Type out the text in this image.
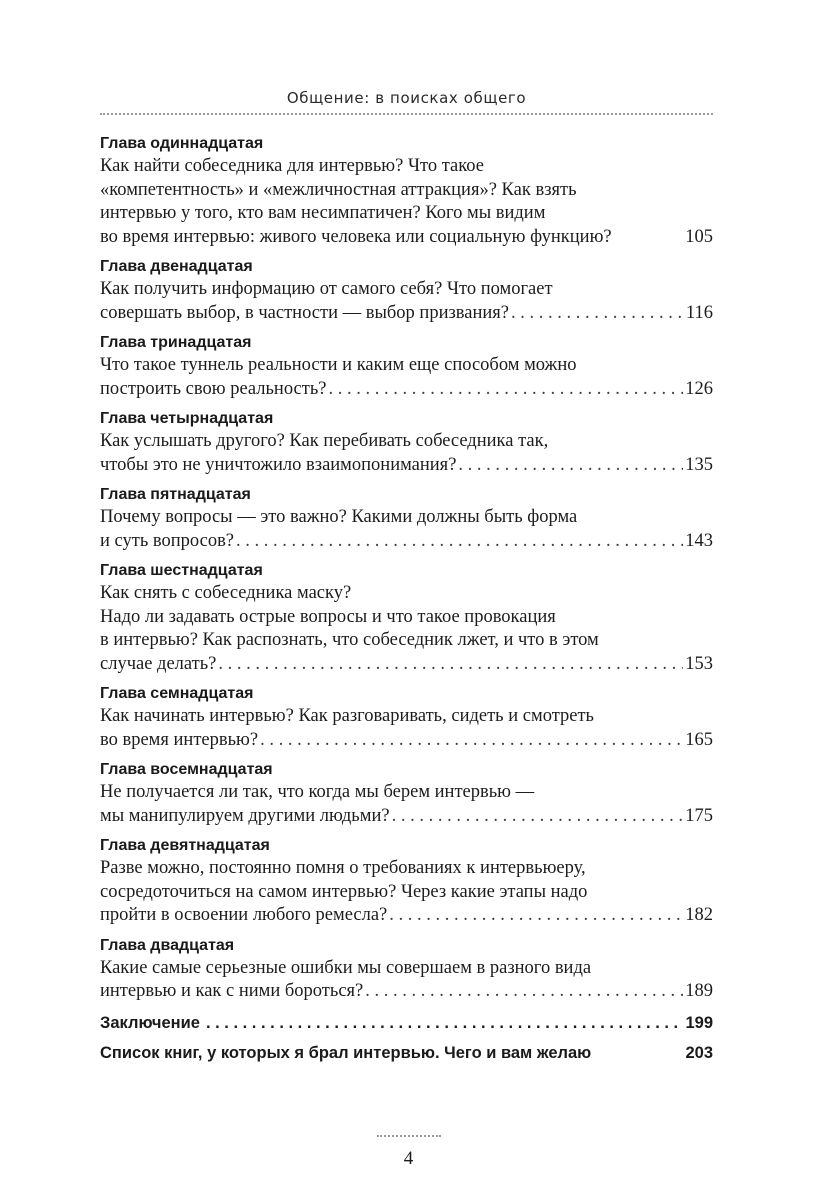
Общение: в поисках общего
Глава одиннадцатая
Как найти собеседника для интервью? Что такое
«компетентность» и «межличностная аттракция»? Как взять
интервью у того, кто вам несимпатичен? Кого мы видим
во время интервью: живого человека или социальную функцию?	105
Глава двенадцатая
Как получить информацию от самого себя? Что помогает
совершать выбор, в частности — выбор призвания? . . .	116
Глава тринадцатая
Что такое туннель реальности и каким еще способом можно
построить свою реальность? . . .	126
Глава четырнадцатая
Как услышать другого? Как перебивать собеседника так,
чтобы это не уничтожило взаимопонимания? . . .	135
Глава пятнадцатая
Почему вопросы — это важно? Какими должны быть форма
и суть вопросов? . . .	143
Глава шестнадцатая
Как снять с собеседника маску?
Надо ли задавать острые вопросы и что такое провокация
в интервью? Как распознать, что собеседник лжет, и что в этом
случае делать? . . .	153
Глава семнадцатая
Как начинать интервью? Как разговаривать, сидеть и смотреть
во время интервью? . . .	165
Глава восемнадцатая
Не получается ли так, что когда мы берем интервью —
мы манипулируем другими людьми? . . .	175
Глава девятнадцатая
Разве можно, постоянно помня о требованиях к интервьюеру,
сосредоточиться на самом интервью? Через какие этапы надо
пройти в освоении любого ремесла? . . .	182
Глава двадцатая
Какие самые серьезные ошибки мы совершаем в разного вида
интервью и как с ними бороться? . . .	189
Заключение . . .	199
Список книг, у которых я брал интервью. Чего и вам желаю	203
4
